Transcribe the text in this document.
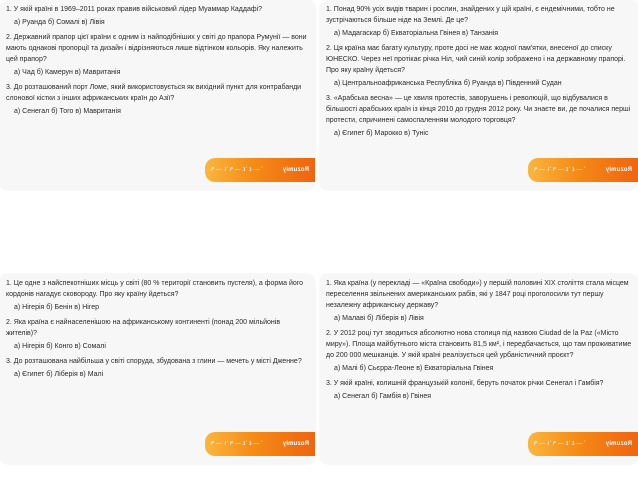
1. У якій країні в 1969–2011 роках правив військовий лідер Муаммар Каддафі?

а) Руанда б) Сомалі в) Лівія

2. Державний прапор цієї країни є одним із найподібніших у світі до прапора Румунії — вони мають однакові пропорції та дизайн і відрізняються лише відтінком кольорів. Яку належить цей прапор?

а) Чад б) Камерун в) Мавританія

3. До розташований порт Ломе, який використовується як вихідний пункт для контрабанди слонової кістки з інших африканських країн до Азії?

а) Сенегал б) Того в) Мавританія
Rozumiy
ʼ — ٤ ʼ٩ — ٤ ʼ٩ — ١

1. Понад 90% усіх видів тварин і рослин, знайдених у цій країні, є ендемічними, тобто не зустрічаються більше ніде на Землі. Де це?

а) Мадагаскар б) Екваторіальна Гвінея в) Танзанія

2. Ця країна має багату культуру, проте досі не має жодної пам'ятки, внесеної до списку ЮНЕСКО. Через неї протікає річка Ніл, чий синій колір зображено і на державному прапорі. Про яку країну йдеться?

а) Центральноафриканська Республіка б) Руанда в) Південний Судан

3. «Арабська весна» — це хвиля протестів, заворушень і революцій, що відбувалися в більшості арабських країн із кінця 2010 до грудня 2012 року. Чи знаєте ви, де почалися перші протести, спричинені самоспаленням молодого торговця?

а) Єгипет б) Марокко в) Туніс
Rozumiy
ʼ — ٤ ʼ٩ — ٤ ʼ٩ — ١

1. Це одне з найспекотніших місць у світі (80 % території становить пустеля), а форма його кордонів нагадує сковороду. Про яку країну йдеться?

а) Нігерія б) Бенін в) Нігер

2. Яка країна є найнаселенішою на африканському континенті (понад 200 мільйонів жителів)?

а) Нігерія б) Конго в) Сомалі

3. До розташована найбільша у світі споруда, збудована з глини — мечеть у місті Дженне?

а) Єгипет б) Ліберія в) Малі
Rozumiy
ʼ — ٤ ʼ٩ — ٤ ʼ٩ — ١

1. Яка країна (у перекладі — «Країна свободи») у першій половині XIX століття стала місцем переселення звільнених американських рабів, які у 1847 році проголосили тут першу незалежну африканську державу?

а) Малаві б) Ліберія в) Лівія

2. У 2012 році тут зводиться абсолютно нова столиця під назвою Ciudad de la Paz («Місто миру»). Площа майбутнього міста становить 81,5 км², і передбачається, що там проживатиме до 200 000 мешканців. У якій країні реалізується цей урбаністичний проєкт?

а) Малі б) Сьєрра-Леоне в) Екваторіальна Гвінея

3. У якій країні, колишній французькій колонії, беруть початок річки Сенегал і Гамбія?

а) Сенегал б) Гамбія в) Гвінея
Rozumiy
ʼ — ٤ ʼ٩ — ٤ ʼ٩ — ١
